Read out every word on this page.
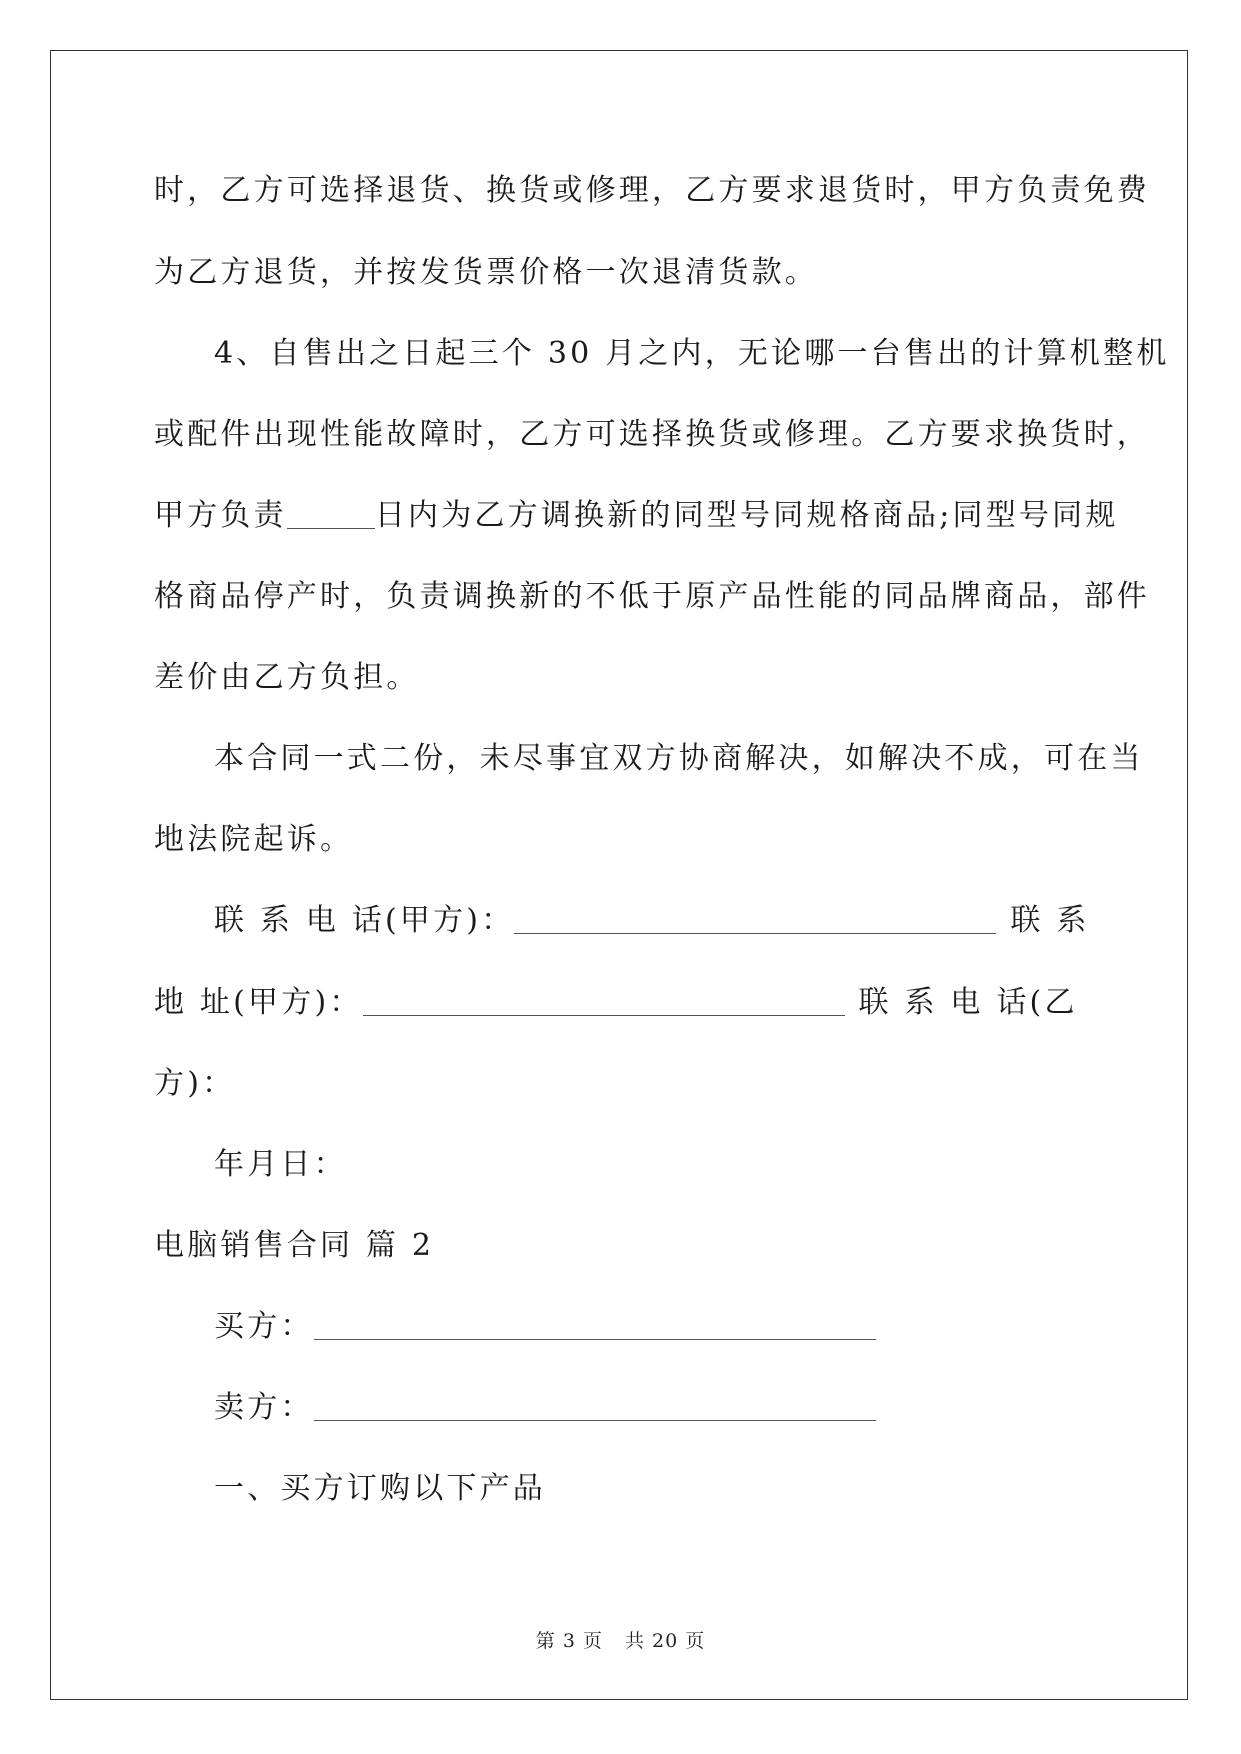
时，乙方可选择退货、换货或修理，乙方要求退货时，甲方负责免费

为乙方退货，并按发货票价格一次退清货款。

4、自售出之日起三个 30 月之内，无论哪一台售出的计算机整机

或配件出现性能故障时，乙方可选择换货或修理。乙方要求换货时，

甲方负责	日内为乙方调换新的同型号同规格商品;同型号同规

格商品停产时，负责调换新的不低于原产品性能的同品牌商品，部件

差价由乙方负担。

本合同一式二份，未尽事宜双方协商解决，如解决不成，可在当

地法院起诉。

联 系 电 话(甲方)：	联 系

地 址(甲方)：	联 系 电 话(乙

方)：

年月日：

电脑销售合同 篇 2

买方：

卖方：

一、买方订购以下产品

第 3 页 共 20 页
